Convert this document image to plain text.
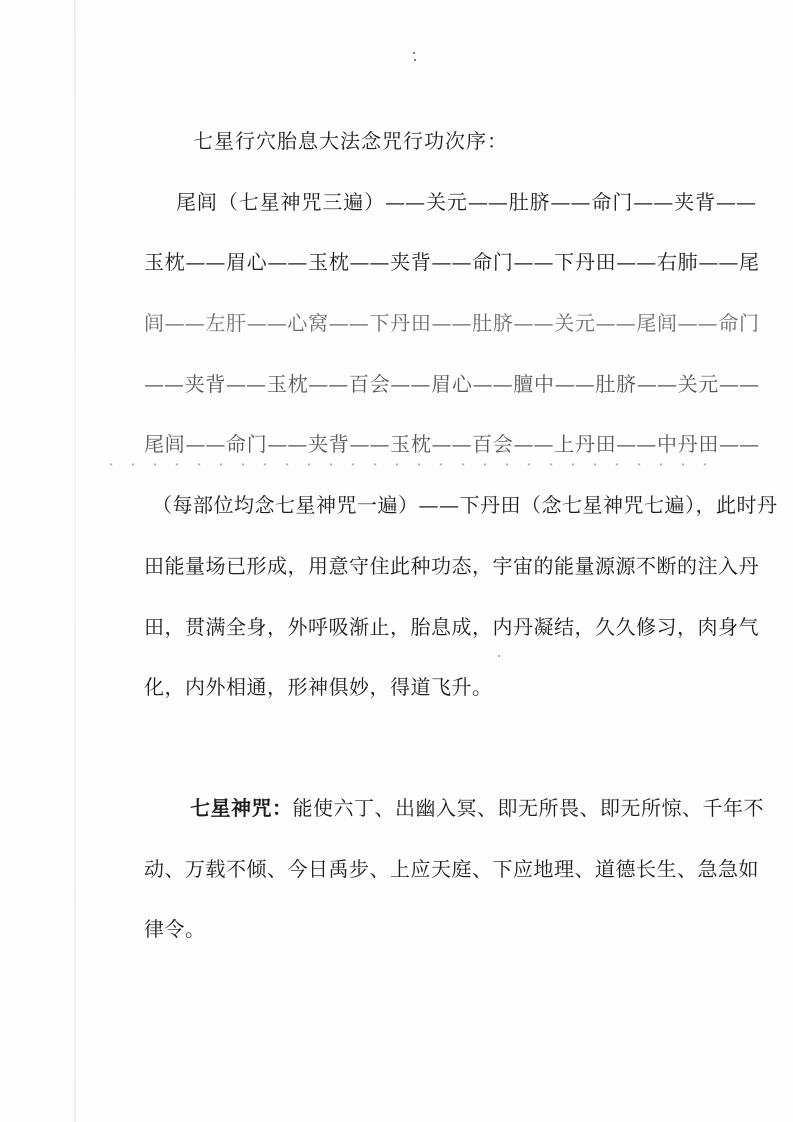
七星行穴胎息大法念咒行功次序：
尾闾（七星神咒三遍）——关元——肚脐——命门——夹背——
玉枕——眉心——玉枕——夹背——命门——下丹田——右肺——尾
闾——左肝——心窝——下丹田——肚脐——关元——尾闾——命门
——夹背——玉枕——百会——眉心——膻中——肚脐——关元——
尾闾——命门——夹背——玉枕——百会——上丹田——中丹田——
（每部位均念七星神咒一遍）——下丹田（念七星神咒七遍），此时丹
田能量场已形成，用意守住此种功态，宇宙的能量源源不断的注入丹
田，贯满全身，外呼吸渐止，胎息成，内丹凝结，久久修习，肉身气
化，内外相通，形神俱妙，得道飞升。
七星神咒：能使六丁、出幽入冥、即无所畏、即无所惊、千年不
动、万载不倾、今日禹步、上应天庭、下应地理、道德长生、急急如
律令。
